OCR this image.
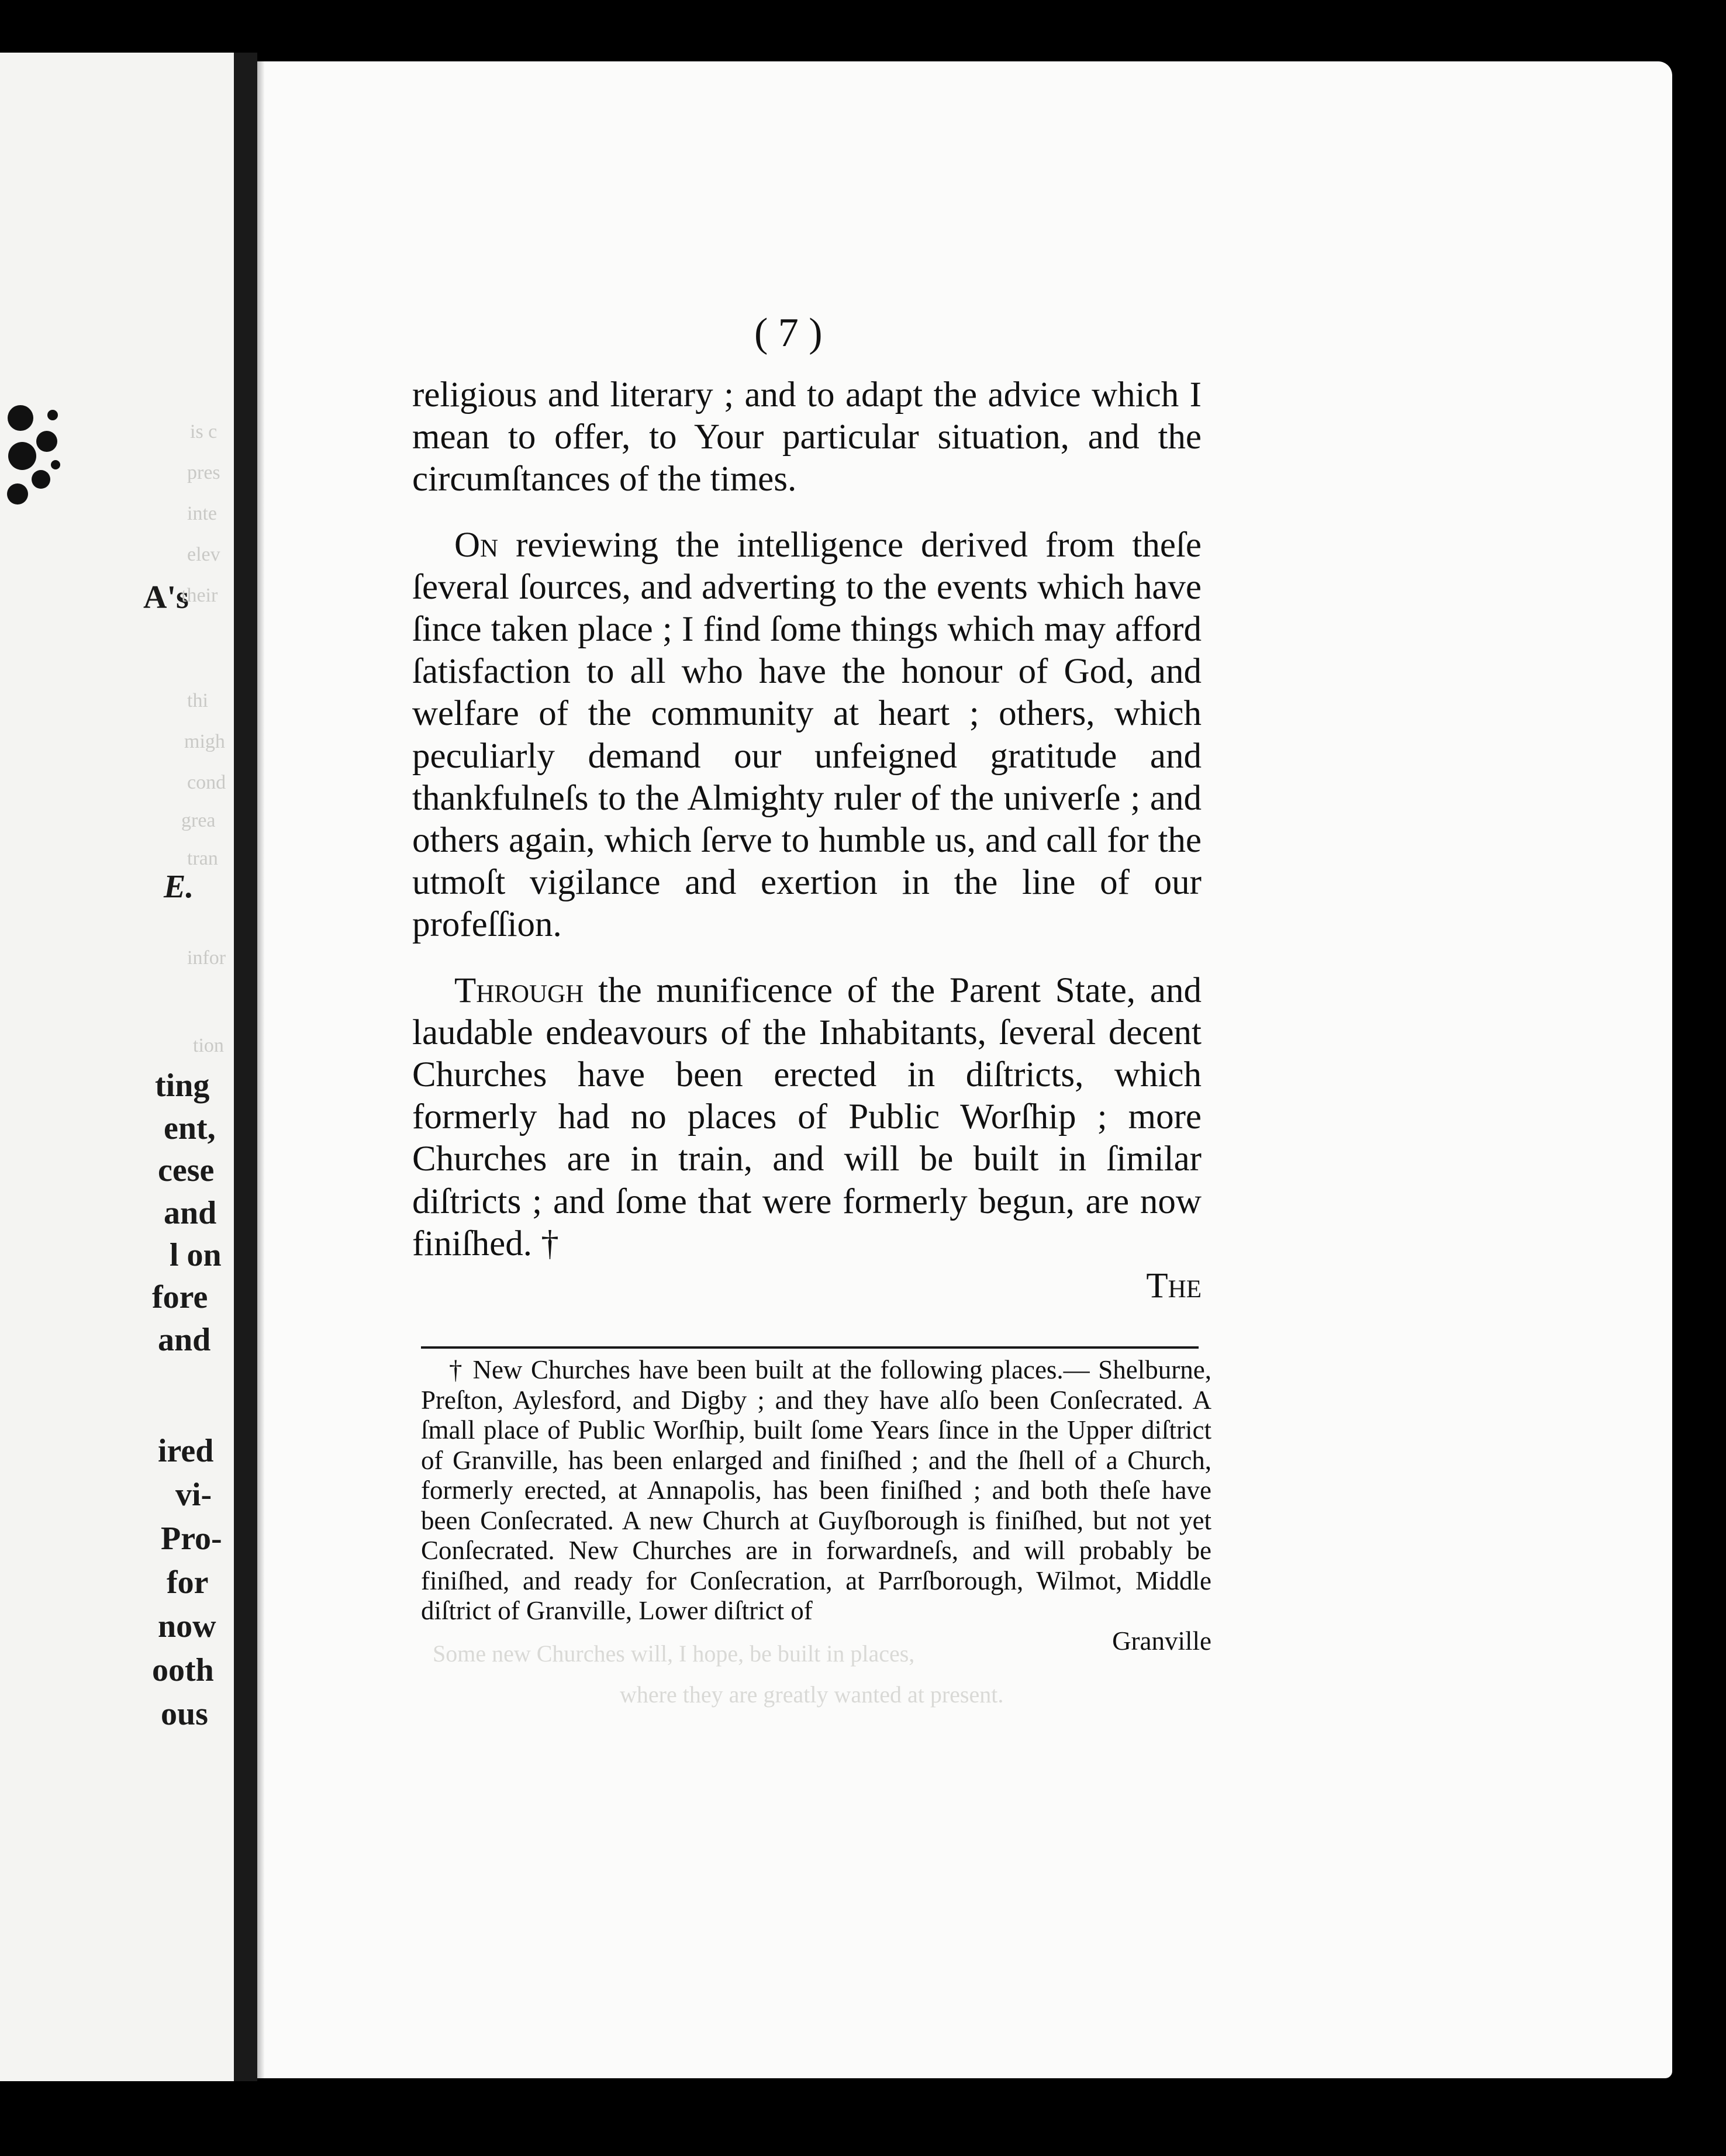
A's
E.
ting
ent,
cese
and
l on
fore
and
ired
vi-
Pro-
for
now
ooth
ous
is c
pres
inte
elev
their
thi
migh
cond
grea
tran
infor
tion
Some new Churches will, I hope, be built in places,
where they are greatly wanted at present.
( 7 )

religious and literary ; and to adapt the advice which I mean to offer, to Your particular situation, and the circumſtances of the times.

On reviewing the intelligence derived from theſe ſeveral ſources, and adverting to the events which have ſince taken place ; I find ſome things which may afford ſatisfaction to all who have the honour of God, and welfare of the community at heart ; others, which peculiarly demand our unfeigned gratitude and thankfulneſs to the Almighty ruler of the univerſe ; and others again, which ſerve to humble us, and call for the utmoſt vigilance and exertion in the line of our profeſſion.

Through the munificence of the Parent State, and laudable endeavours of the Inhabitants, ſeveral decent Churches have been erected in diſtricts, which formerly had no places of Public Worſhip ; more Churches are in train, and will be built in ſimilar diſtricts ; and ſome that were formerly begun, are now finiſhed. †

The

† New Churches have been built at the following places.— Shelburne, Preſton, Aylesford, and Digby ; and they have alſo been Conſecrated. A ſmall place of Public Worſhip, built ſome Years ſince in the Upper diſtrict of Granville, has been enlarged and finiſhed ; and the ſhell of a Church, formerly erected, at Annapolis, has been finiſhed ; and both theſe have been Conſecrated. A new Church at Guyſborough is finiſhed, but not yet Conſecrated. New Churches are in forwardneſs, and will probably be finiſhed, and ready for Conſecration, at Parrſborough, Wilmot, Middle diſtrict of Granville, Lower diſtrict of

Granville
